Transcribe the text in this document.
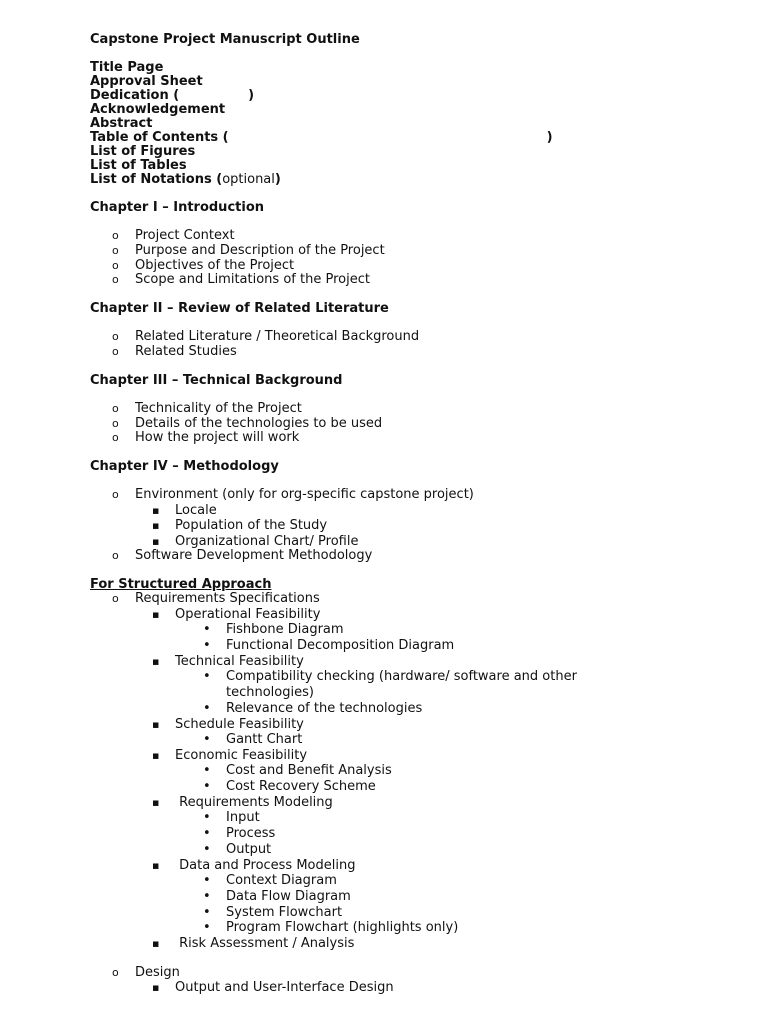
Capstone Project Manuscript Outline
Title Page
Approval Sheet
Dedication (	)
Acknowledgement
Abstract
Table of Contents (	)
List of Figures
List of Tables
List of Notations (optional)
Chapter I – Introduction
o Project Context
o Purpose and Description of the Project
o Objectives of the Project
o Scope and Limitations of the Project
Chapter II – Review of Related Literature
o Related Literature / Theoretical Background
o Related Studies
Chapter III – Technical Background
o Technicality of the Project
o Details of the technologies to be used
o How the project will work
Chapter IV – Methodology
o Environment (only for org-specific capstone project)
▪ Locale
▪ Population of the Study
▪ Organizational Chart/ Profile
o Software Development Methodology
For Structured Approach
o Requirements Specifications
▪ Operational Feasibility
• Fishbone Diagram
• Functional Decomposition Diagram
▪ Technical Feasibility
• Compatibility checking (hardware/ software and other technologies)
• Relevance of the technologies
▪ Schedule Feasibility
• Gantt Chart
▪ Economic Feasibility
• Cost and Benefit Analysis
• Cost Recovery Scheme
▪  Requirements Modeling
• Input
• Process
• Output
▪  Data and Process Modeling
• Context Diagram
• Data Flow Diagram
• System Flowchart
• Program Flowchart (highlights only)
▪  Risk Assessment / Analysis
o Design
▪ Output and User-Interface Design
